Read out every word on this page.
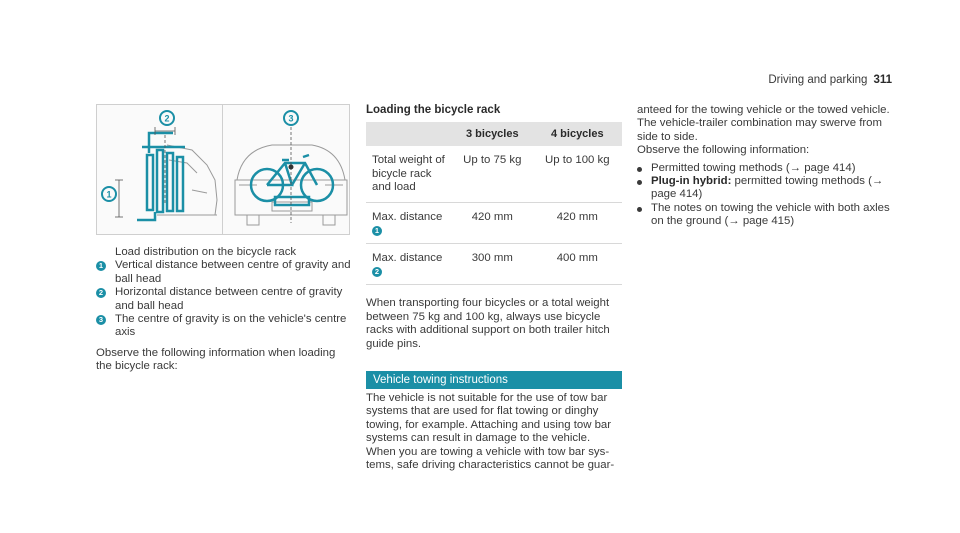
Driving and parking 311
2
1
3
Load distribution on the bicycle rack
1 Vertical distance between centre of gravity and ball head
2 Horizontal distance between centre of gravity and ball head
3 The centre of gravity is on the vehicle's centre axis

Observe the following information when loading the bicycle rack:

Loading the bicycle rack
	3 bicycles	4 bicycles
Total weight of bicycle rack and load	Up to 75 kg	Up to 100 kg
Max. distance
1	420 mm	420 mm
Max. distance
2	300 mm	400 mm

When transporting four bicycles or a total weight between 75 kg and 100 kg, always use bicycle racks with additional support on both trailer hitch guide pins.

Vehicle towing instructions

The vehicle is not suitable for the use of tow bar systems that are used for flat towing or dinghy towing, for example. Attaching and using tow bar systems can result in damage to the vehicle. When you are towing a vehicle with tow bar sys- tems, safe driving characteristics cannot be guar-

anteed for the towing vehicle or the towed vehicle. The vehicle-trailer combination may swerve from side to side.

Observe the following information:

Permitted towing methods (→ page 414)
Plug-in hybrid: permitted towing methods (→ page 414)
The notes on towing the vehicle with both axles on the ground (→ page 415)
